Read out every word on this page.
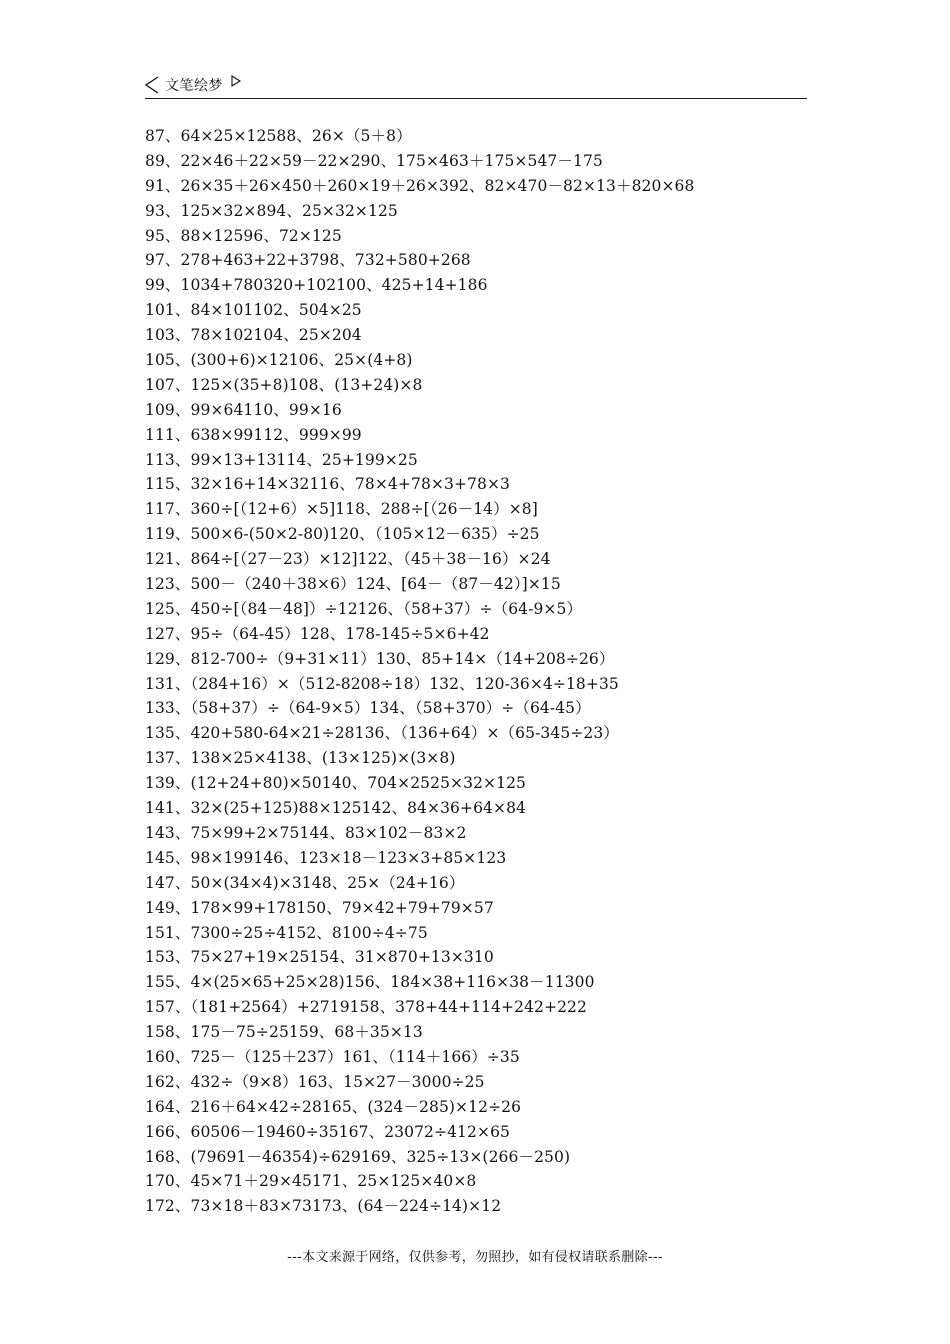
文笔绘梦
87、64×25×12588、26×（5＋8）
89、22×46＋22×59－22×290、175×463＋175×547－175
91、26×35＋26×450＋260×19＋26×392、82×470－82×13＋820×68
93、125×32×894、25×32×125
95、88×12596、72×125
97、278+463+22+3798、732+580+268
99、1034+780320+102100、425+14+186
101、84×101102、504×25
103、78×102104、25×204
105、(300+6)×12106、25×(4+8)
107、125×(35+8)108、(13+24)×8
109、99×64110、99×16
111、638×99112、999×99
113、99×13+13114、25+199×25
115、32×16+14×32116、78×4+78×3+78×3
117、360÷[（12+6）×5]118、288÷[（26－14）×8]
119、500×6-(50×2-80)120、（105×12－635）÷25
121、864÷[（27－23）×12]122、（45＋38－16）×24
123、500－（240＋38×6）124、[64－（87－42）]×15
125、450÷[（84－48]）÷12126、（58+37）÷（64-9×5）
127、95÷（64-45）128、178-145÷5×6+42
129、812-700÷（9+31×11）130、85+14×（14+208÷26）
131、（284+16）×（512-8208÷18）132、120-36×4÷18+35
133、（58+37）÷（64-9×5）134、（58+370）÷（64-45）
135、420+580-64×21÷28136、（136+64）×（65-345÷23）
137、138×25×4138、(13×125)×(3×8)
139、(12+24+80)×50140、704×2525×32×125
141、32×(25+125)88×125142、84×36+64×84
143、75×99+2×75144、83×102－83×2
145、98×199146、123×18－123×3+85×123
147、50×(34×4)×3148、25×（24+16）
149、178×99+178150、79×42+79+79×57
151、7300÷25÷4152、8100÷4÷75
153、75×27+19×25154、31×870+13×310
155、4×(25×65+25×28)156、184×38+116×38－11300
157、（181+2564）+2719158、378+44+114+242+222
158、175－75÷25159、68＋35×13
160、725－（125＋237）161、（114＋166）÷35
162、432÷（9×8）163、15×27－3000÷25
164、216＋64×42÷28165、(324－285)×12÷26
166、60506－19460÷35167、23072÷412×65
168、(79691－46354)÷629169、325÷13×(266－250)
170、45×71＋29×45171、25×125×40×8
172、73×18＋83×73173、(64－224÷14)×12
---本文来源于网络，仅供参考，勿照抄，如有侵权请联系删除---
